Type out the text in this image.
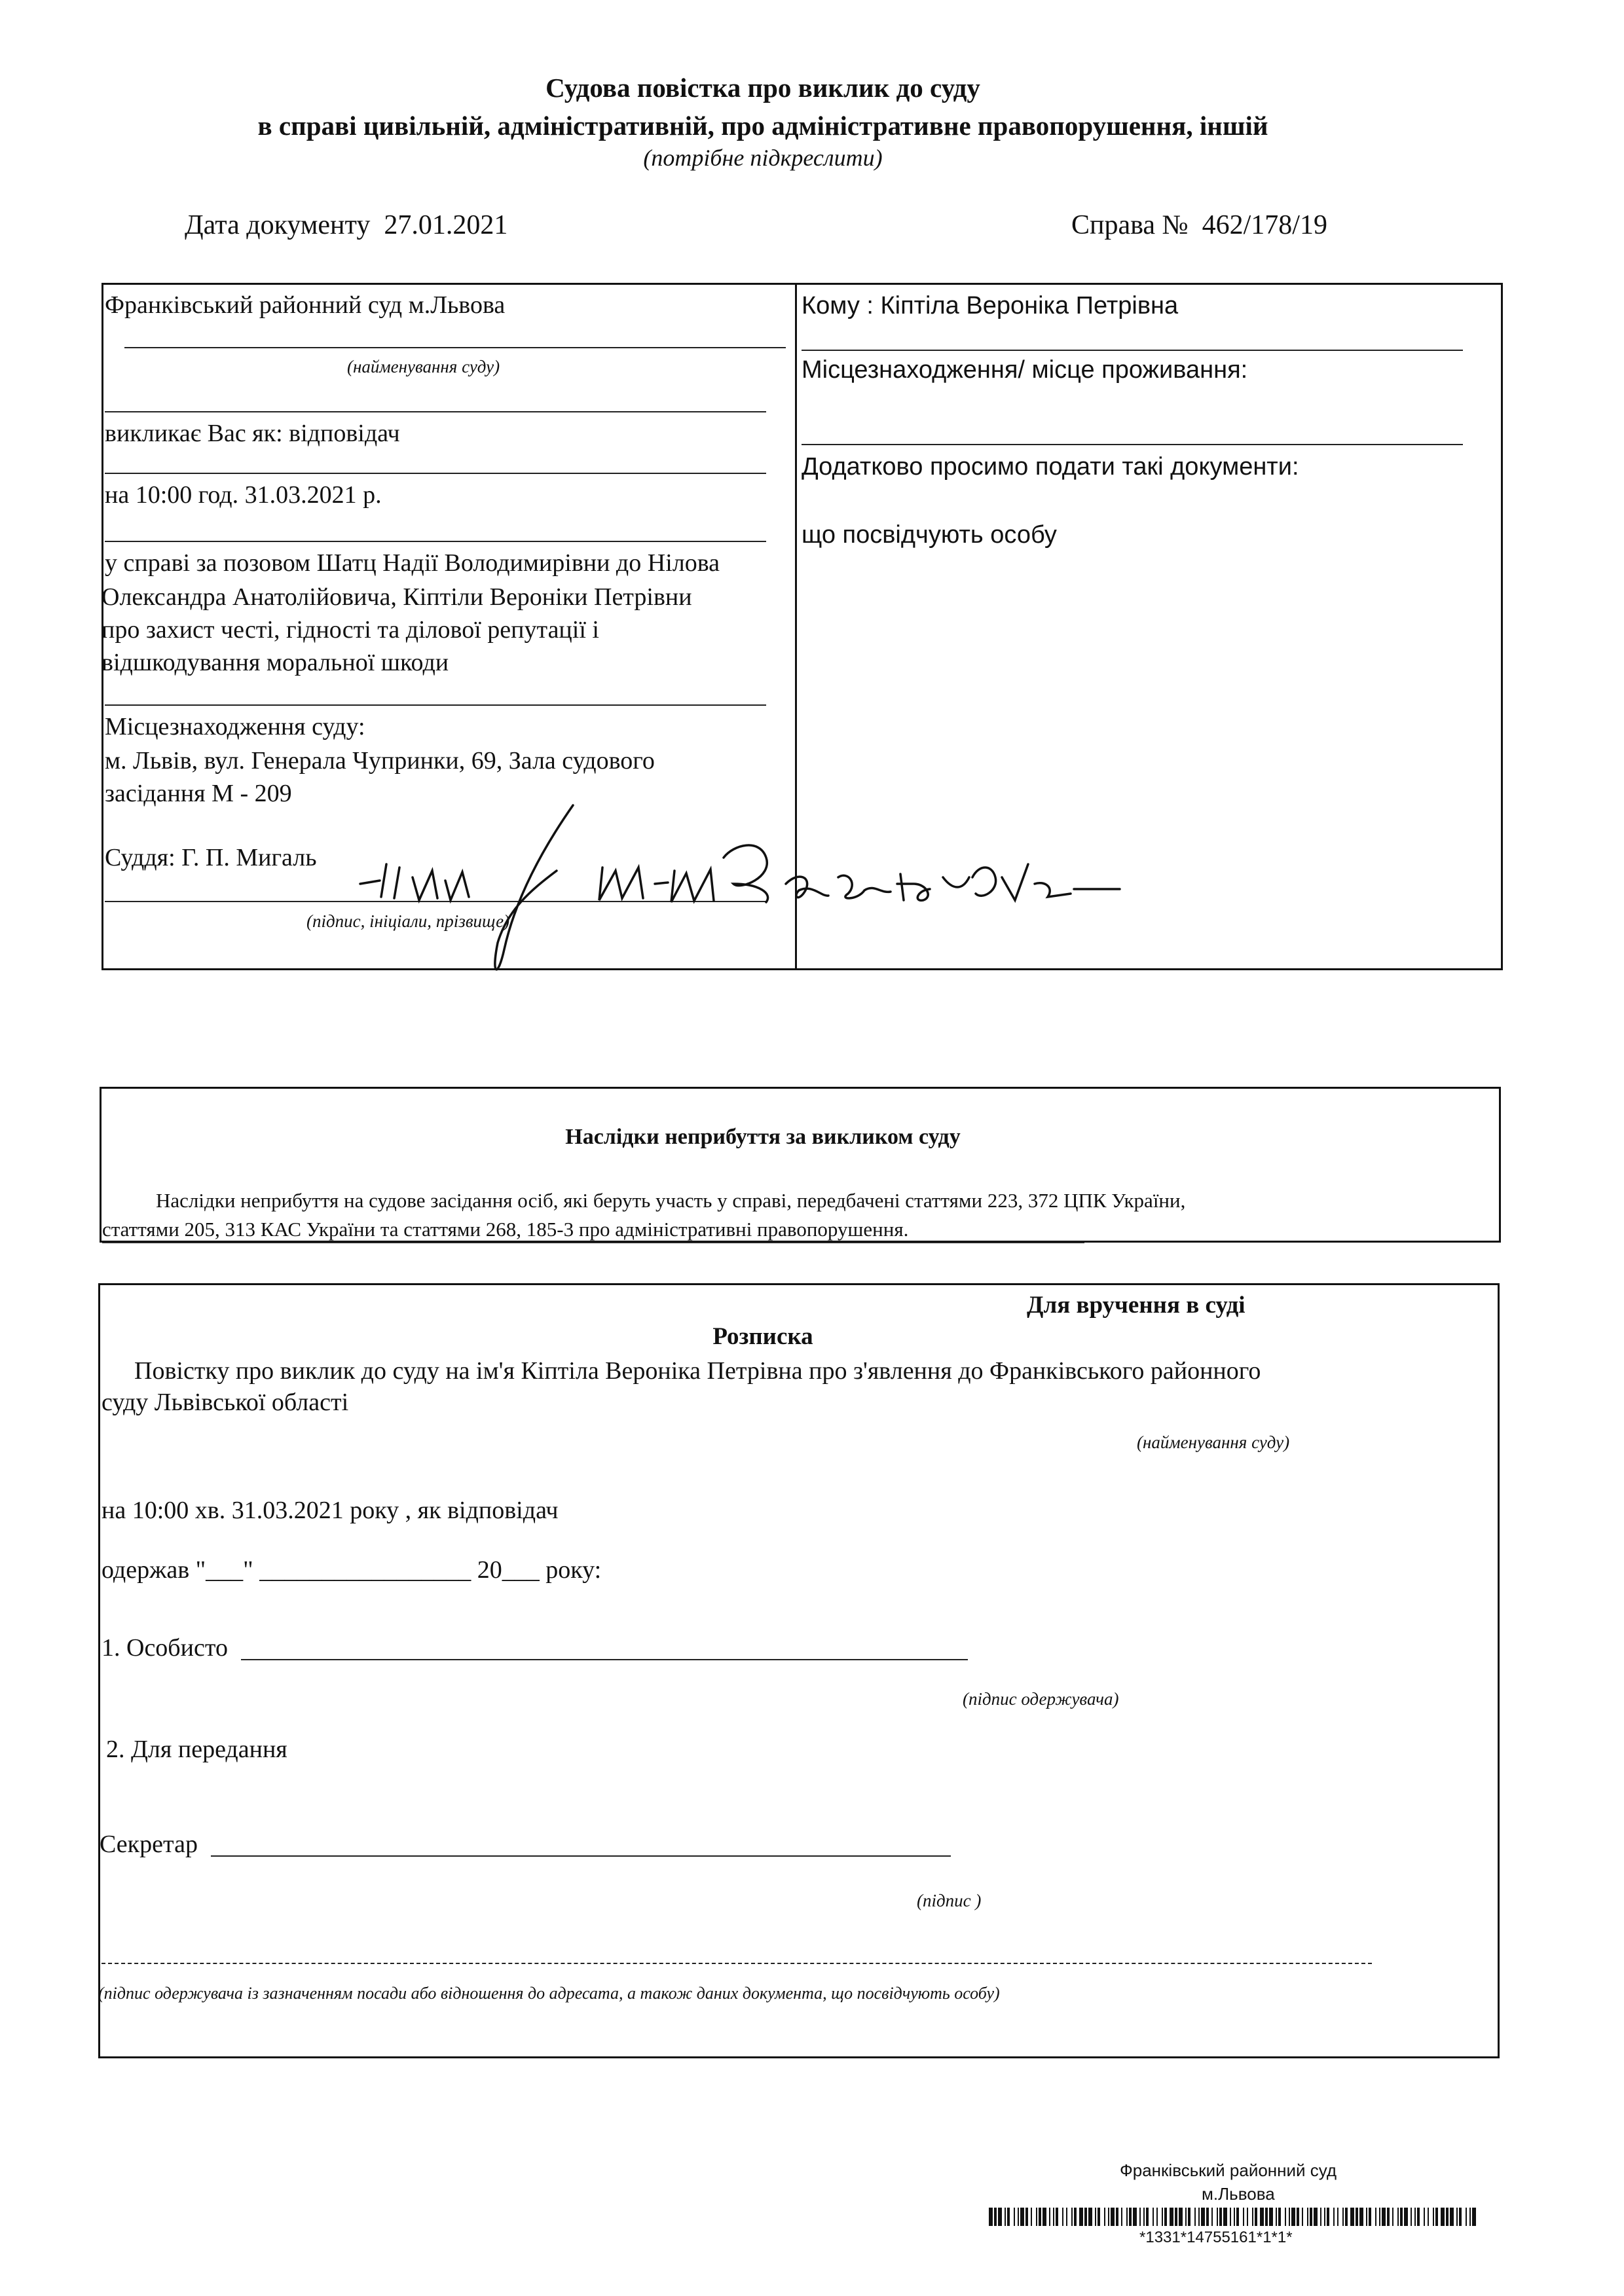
Судова повістка про виклик до суду
в справі цивільній, адміністративній, про адміністративне правопорушення, іншій
(потрібне підкреслити)
Дата документу 27.01.2021	Справа № 462/178/19
Франківський районний суд м.Львова
(найменування суду)
викликає Вас як: відповідач
на 10:00 год. 31.03.2021 р.
у справі за позовом Шатц Надії Володимирівни до Нілова
Олександра Анатолійовича, Кіптіли Вероніки Петрівни
про захист честі, гідності та ділової репутації і
відшкодування моральної шкоди
Місцезнаходження суду:
м. Львів, вул. Генерала Чупринки, 69, Зала судового
засідання М - 209
Суддя: Г. П. Мигаль
(підпис, ініціали, прізвище)
Кому : Кіптіла Вероніка Петрівна
Місцезнаходження/ місце проживання:
Додатково просимо подати такі документи:
що посвідчують особу
Наслідки неприбуття за викликом суду
Наслідки неприбуття на судове засідання осіб, які беруть участь у справі, передбачені статтями 223, 372 ЦПК України,
статтями 205, 313 КАС України та статтями 268, 185-3 про адміністративні правопорушення.
Для вручення в суді
Розписка
Повістку про виклик до суду на ім'я Кіптіла Вероніка Петрівна про з'явлення до Франківського районного
суду Львівської області
(найменування суду)
на 10:00 хв. 31.03.2021 року , як відповідач
одержав "___" _________________ 20___ року:
1. Особисто
(підпис одержувача)
2. Для передання
Секретар
(підпис )
(підпис одержувача із зазначенням посади або відношення до адресата, а також даних документа, що посвідчують особу)
Франківський районний суд
м.Львова
*1331*14755161*1*1*
